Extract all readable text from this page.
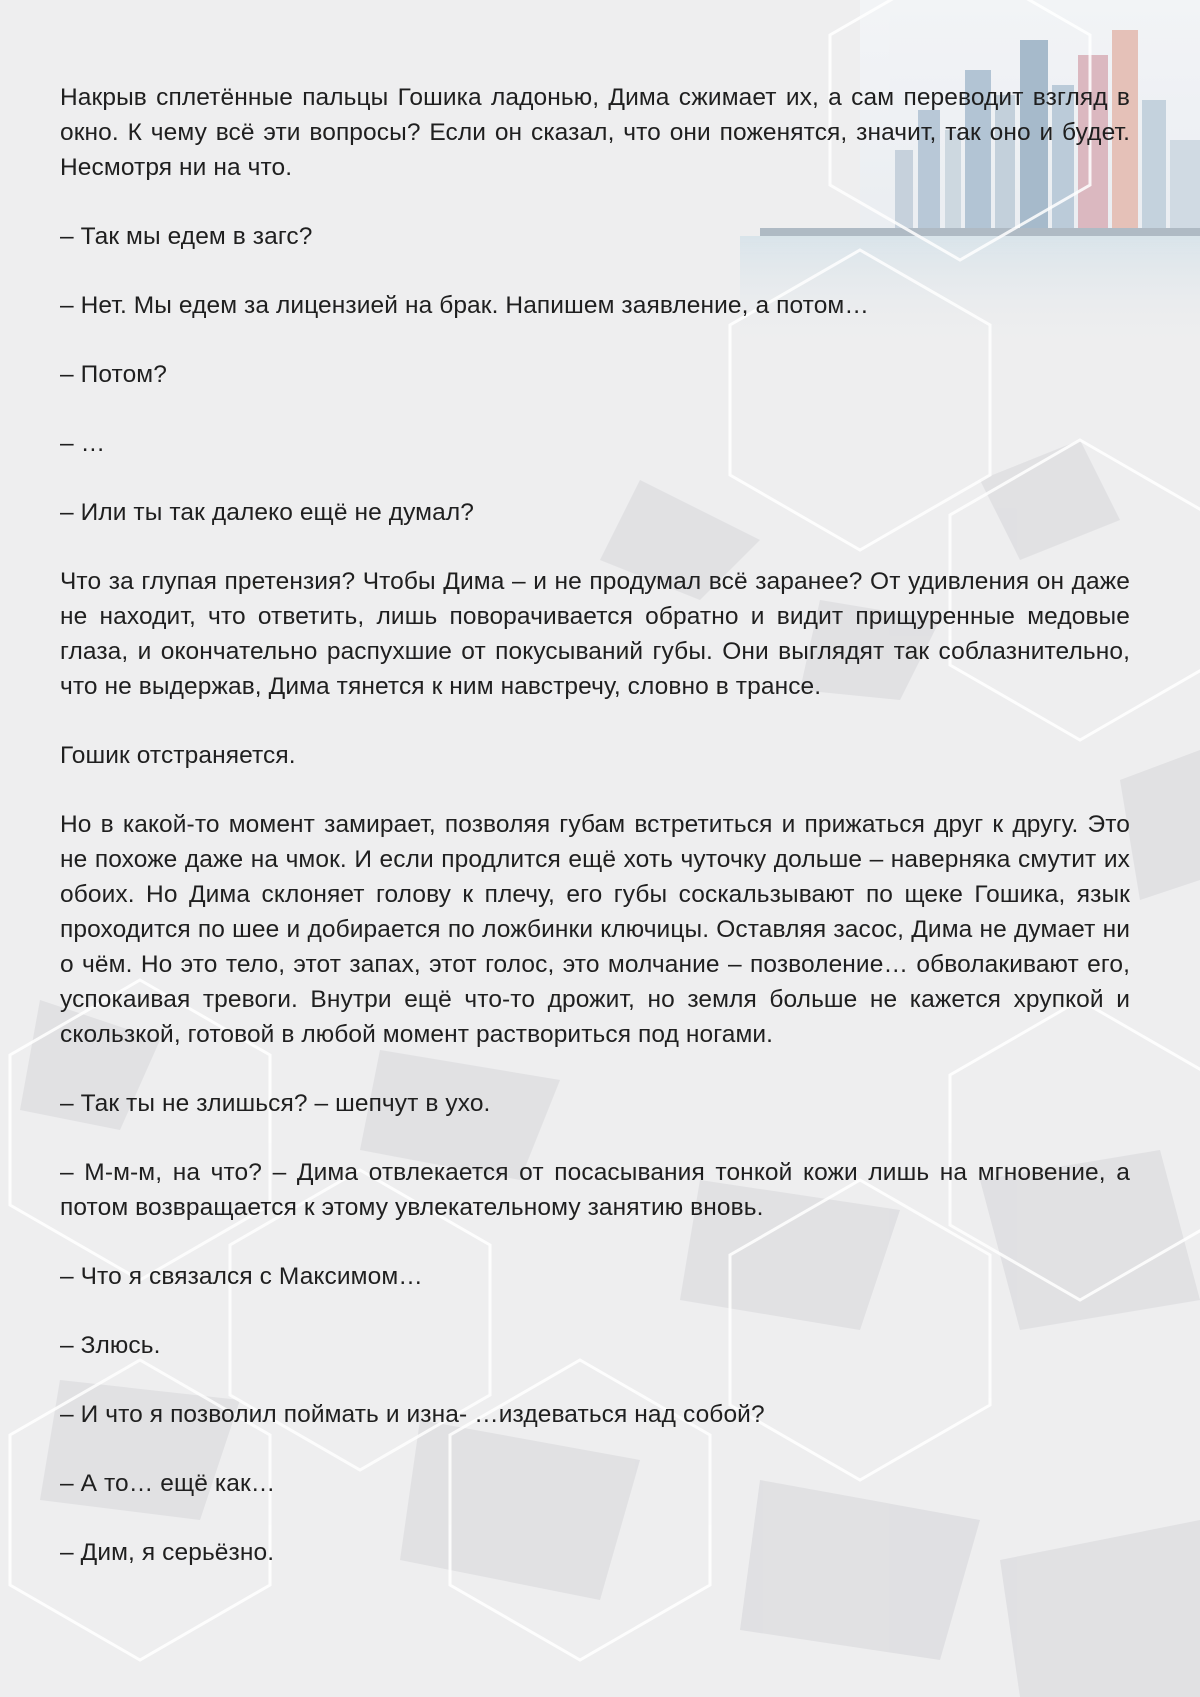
Накрыв сплетённые пальцы Гошика ладонью, Дима сжимает их, а сам переводит взгляд в окно. К чему всё эти вопросы? Если он сказал, что они поженятся, значит, так оно и будет. Несмотря ни на что.

– Так мы едем в загс?

– Нет. Мы едем за лицензией на брак. Напишем заявление, а потом…

– Потом?

– …

– Или ты так далеко ещё не думал?

Что за глупая претензия? Чтобы Дима – и не продумал всё заранее? От удивления он даже не находит, что ответить, лишь поворачивается обратно и видит прищуренные медовые глаза, и окончательно распухшие от покусываний губы. Они выглядят так соблазнительно, что не выдержав, Дима тянется к ним навстречу, словно в трансе.

Гошик отстраняется.

Но в какой-то момент замирает, позволяя губам встретиться и прижаться друг к другу. Это не похоже даже на чмок. И если продлится ещё хоть чуточку дольше – наверняка смутит их обоих. Но Дима склоняет голову к плечу, его губы соскальзывают по щеке Гошика, язык проходится по шее и добирается по ложбинки ключицы. Оставляя засос, Дима не думает ни о чём. Но это тело, этот запах, этот голос, это молчание – позволение… обволакивают его, успокаивая тревоги. Внутри ещё что-то дрожит, но земля больше не кажется хрупкой и скользкой, готовой в любой момент раствориться под ногами.

– Так ты не злишься? – шепчут в ухо.

– М-м-м, на что? – Дима отвлекается от посасывания тонкой кожи лишь на мгновение, а потом возвращается к этому увлекательному занятию вновь.

– Что я связался с Максимом…

– Злюсь.

– И что я позволил поймать и изна- …издеваться над собой?

– А то… ещё как…

– Дим, я серьёзно.
